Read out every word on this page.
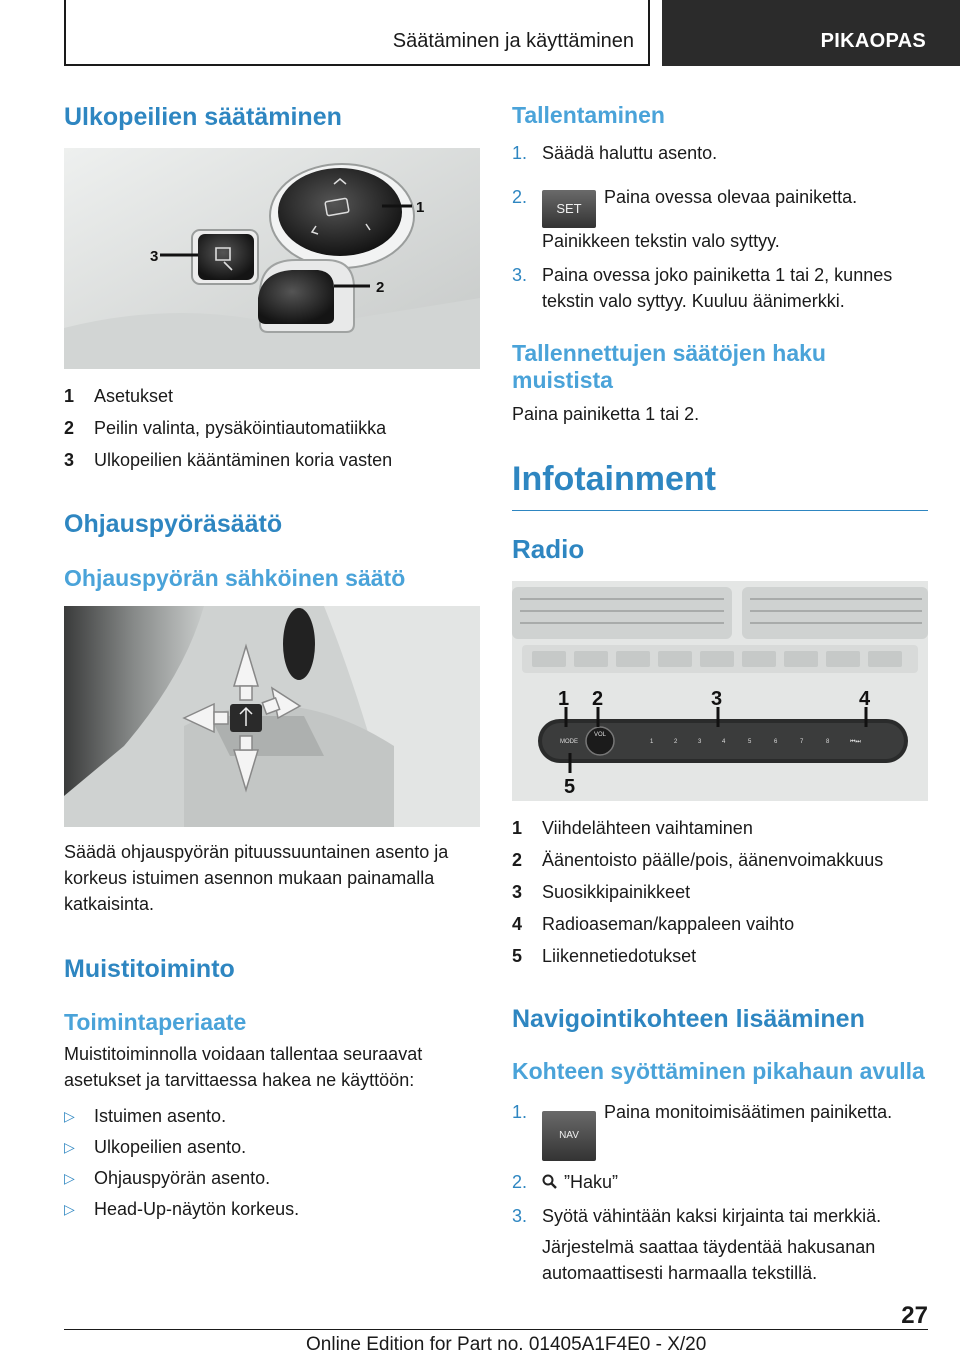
Säätäminen ja käyttäminen	PIKAOPAS
Ulkopeilien säätäminen
1
2
3
1	Asetukset
2	Peilin valinta, pysäköintiautomatiikka
3	Ulkopeilien kääntäminen koria vasten
Ohjauspyöräsäätö
Ohjauspyörän sähköinen säätö

Säädä ohjauspyörän pituussuuntainen asento ja korkeus istuimen asennon mukaan painamalla katkaisinta.

Muistitoiminto
Toimintaperiaate

Muistitoiminnolla voidaan tallentaa seuraavat asetukset ja tarvittaessa hakea ne käyttöön:

▷	Istuimen asento.
▷	Ulkopeilien asento.
▷	Ohjauspyörän asento.
▷	Head-Up-näytön korkeus.
Tallentaminen
1. Säädä haluttu asento.
2.
SETPaina ovessa olevaa painiketta. Painikkeen tekstin valo syttyy.
3. Paina ovessa joko painiketta 1 tai 2, kunnes tekstin valo syttyy. Kuuluu äänimerkki.
Tallennettujen säätöjen haku muistista

Paina painiketta 1 tai 2.

Infotainment
Radio
MODE
VOL
1	2	3	4	5	6	7	8	⏮⏭
1 2	3	4
5
1	Viihdelähteen vaihtaminen
2	Äänentoisto päälle/pois, äänenvoimakkuus
3	Suosikkipainikkeet
4	Radioaseman/kappaleen vaihto
5	Liikennetiedotukset
Navigointikohteen lisääminen
Kohteen syöttäminen pikahaun avulla
1.
NAVPaina monitoimisäätimen painiketta.
2.	”Haku”
3. Syötä vähintään kaksi kirjainta tai merkkiä.

Järjestelmä saattaa täydentää hakusanan automaattisesti harmaalla tekstillä.

27
Online Edition for Part no. 01405A1F4E0 - X/20
